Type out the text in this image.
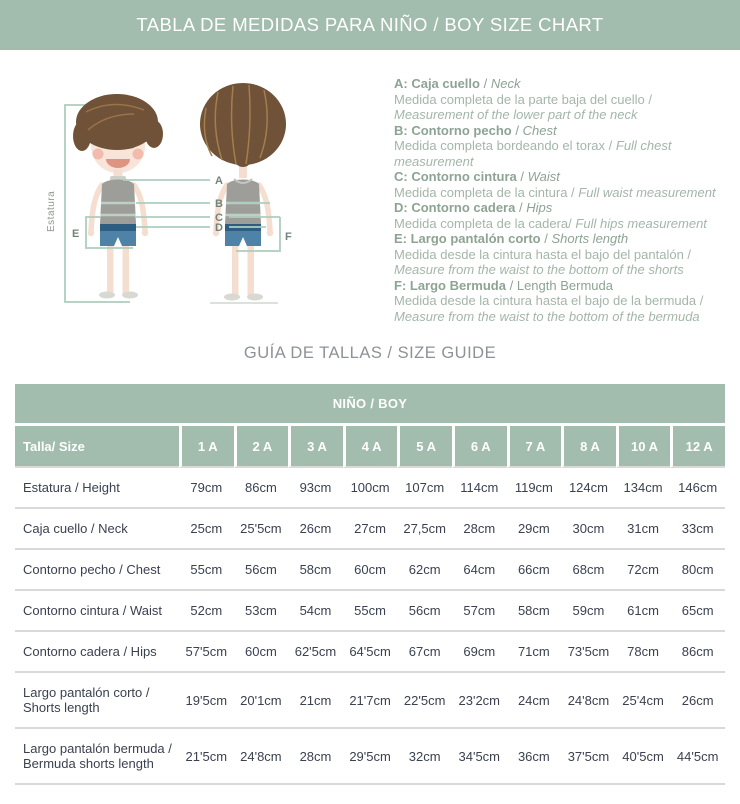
TABLA DE MEDIDAS PARA NIÑO / BOY SIZE CHART
Estatura
A
B
C
D
E	F
A: Caja cuello / Neck
Medida completa de la parte baja del cuello / Measurement of the lower part of the neck
B: Contorno pecho / Chest
Medida completa bordeando el torax / Full chest measurement
C: Contorno cintura / Waist
Medida completa de la cintura / Full waist measurement
D: Contorno cadera / Hips
Medida completa de la cadera/ Full hips measurement
E: Largo pantalón corto / Shorts length
Medida desde la cintura hasta el bajo del pantalón / Measure from the waist to the bottom of the shorts
F: Largo Bermuda / Length Bermuda
Medida desde la cintura hasta el bajo de la bermuda / Measure from the waist to the bottom of the bermuda
GUÍA DE TALLAS / SIZE GUIDE
NIÑO / BOY										
Talla/ Size	1 A	2 A	3 A	4 A	5 A	6 A	7 A	8 A	10 A	12 A
Estatura / Height	79cm	86cm	93cm	100cm	107cm	114cm	119cm	124cm	134cm	146cm
Caja cuello / Neck	25cm	25'5cm	26cm	27cm	27,5cm	28cm	29cm	30cm	31cm	33cm
Contorno pecho / Chest	55cm	56cm	58cm	60cm	62cm	64cm	66cm	68cm	72cm	80cm
Contorno cintura / Waist	52cm	53cm	54cm	55cm	56cm	57cm	58cm	59cm	61cm	65cm
Contorno cadera / Hips	57'5cm	60cm	62'5cm	64'5cm	67cm	69cm	71cm	73'5cm	78cm	86cm
Largo pantalón corto / Shorts length	19'5cm	20'1cm	21cm	21'7cm	22'5cm	23'2cm	24cm	24'8cm	25'4cm	26cm
Largo pantalón bermuda / Bermuda shorts length	21'5cm	24'8cm	28cm	29'5cm	32cm	34'5cm	36cm	37'5cm	40'5cm	44'5cm
